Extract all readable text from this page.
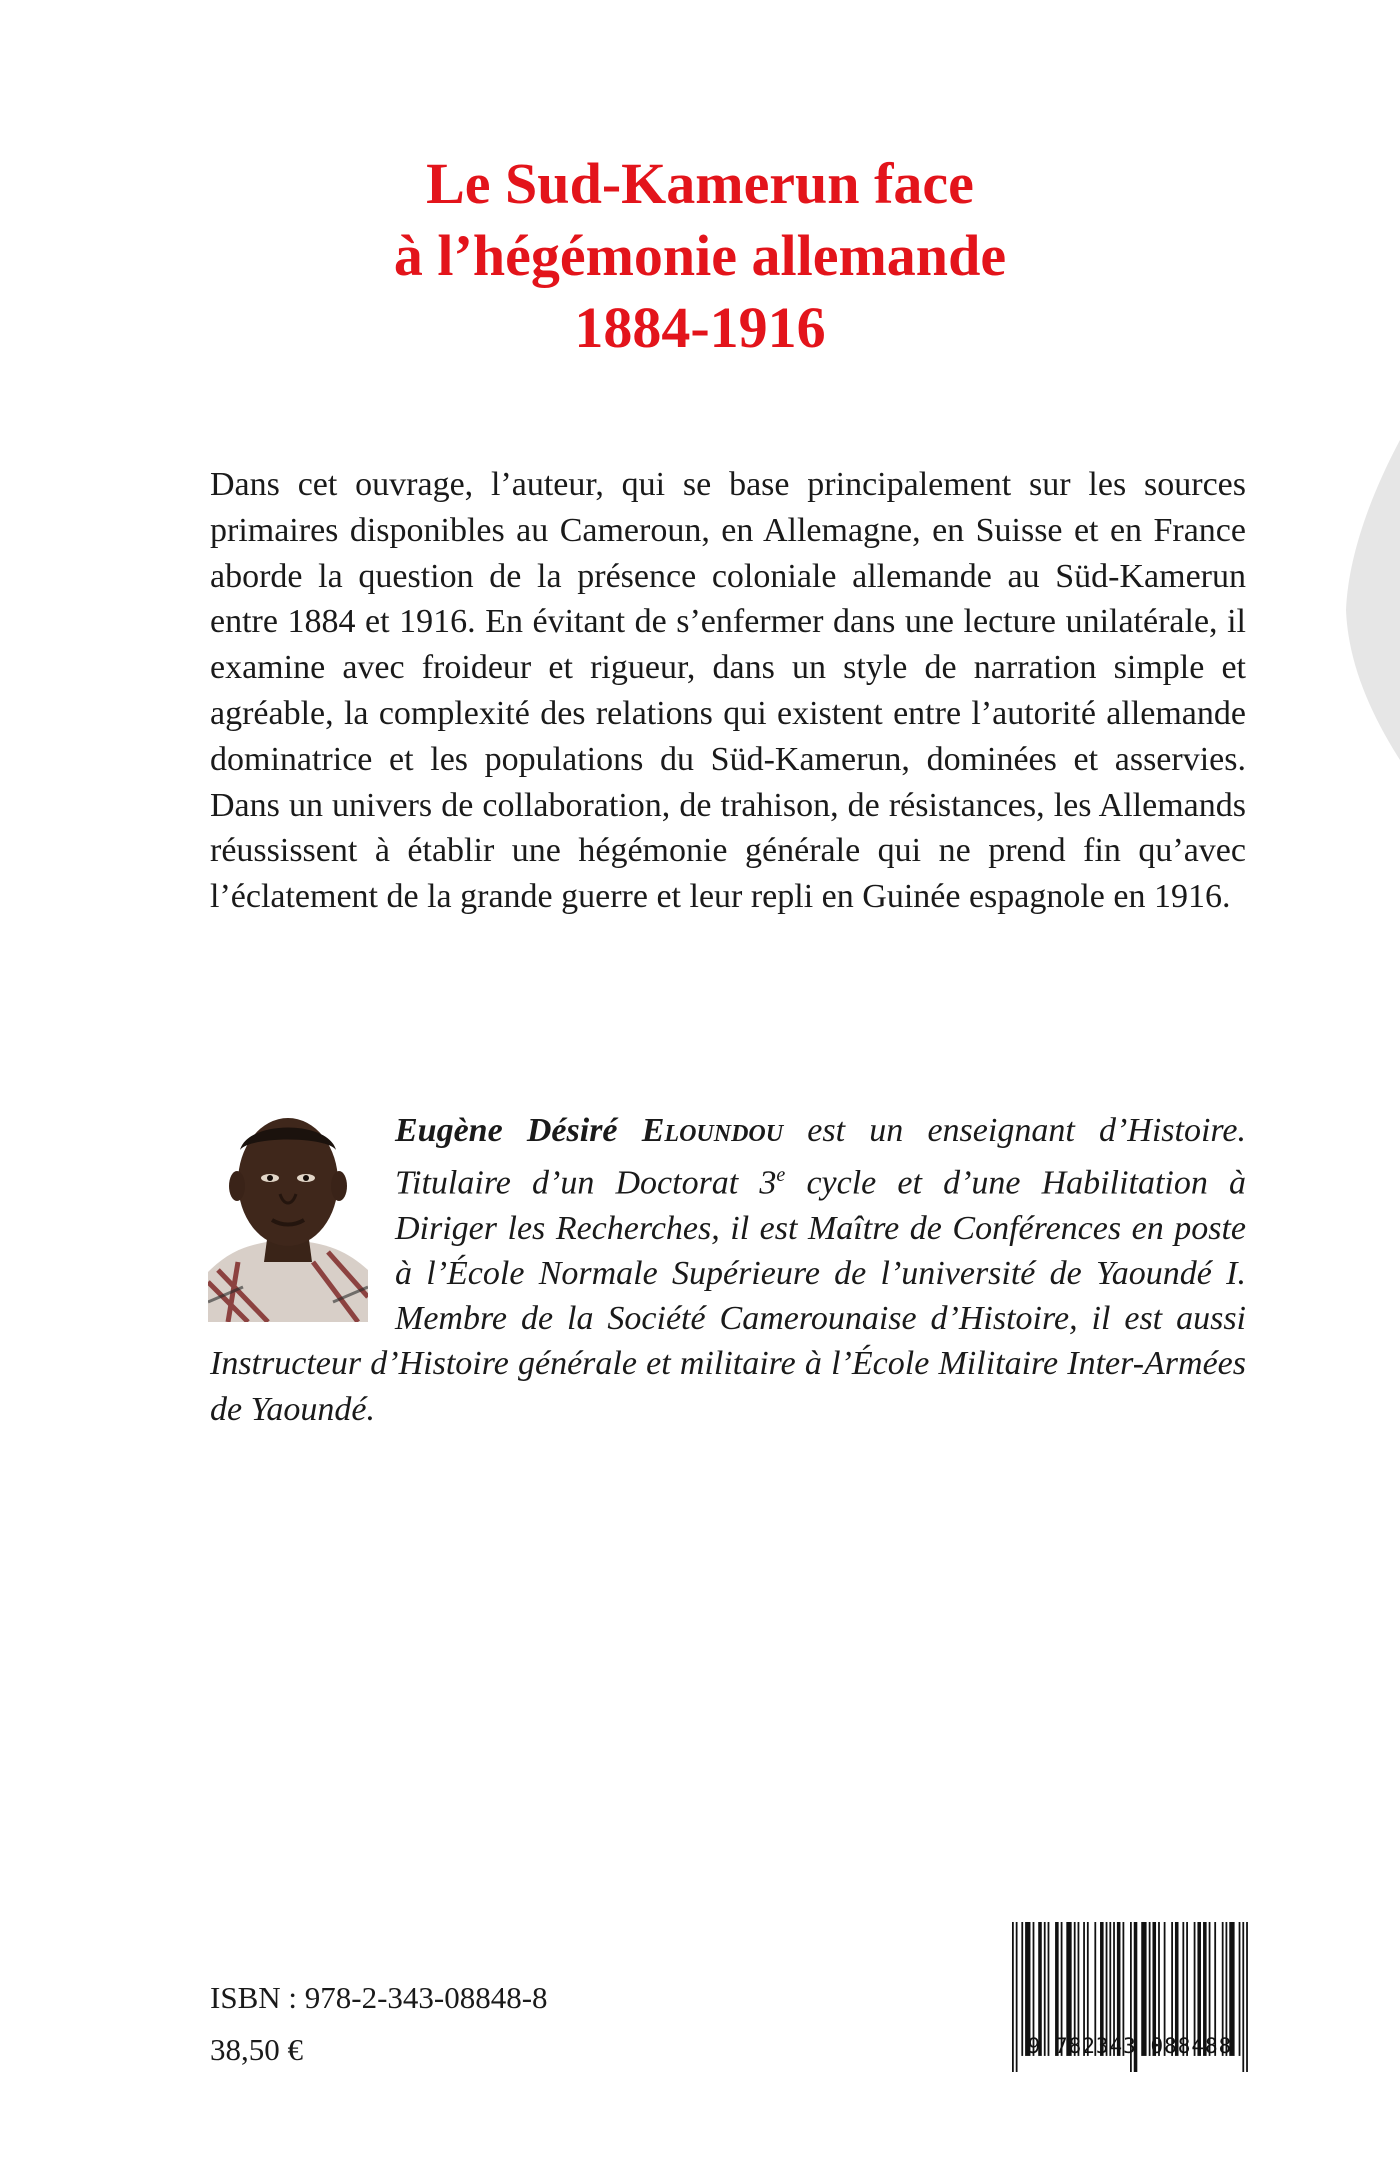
Le Sud-Kamerun face
à l’hégémonie allemande
1884-1916

Dans cet ouvrage, l’auteur, qui se base principalement sur les sources primaires disponibles au Cameroun, en Allemagne, en Suisse et en France aborde la question de la présence coloniale allemande au Süd-Kamerun entre 1884 et 1916. En évitant de s’enfermer dans une lecture unilatérale, il examine avec froideur et rigueur, dans un style de narration simple et agréable, la complexité des relations qui existent entre l’autorité allemande dominatrice et les populations du Süd-Kamerun, dominées et asservies. Dans un univers de collaboration, de trahison, de résistances, les Allemands réussissent à établir une hégémonie générale qui ne prend fin qu’avec l’éclatement de la grande guerre et leur repli en Guinée espagnole en 1916.

Eugène Désiré Eloundou est un enseignant d’Histoire. Titulaire d’un Doctorat 3e cycle et d’une Habilitation à Diriger les Recherches, il est Maître de Conférences en poste à l’École Normale Supérieure de l’université de Yaoundé I. Membre de la Société Camerounaise d’Histoire, il est aussi Instructeur d’Histoire générale et militaire à l’École Militaire Inter-Armées de Yaoundé.

ISBN : 978-2-343-08848-8
38,50 €	9 782343 088488
